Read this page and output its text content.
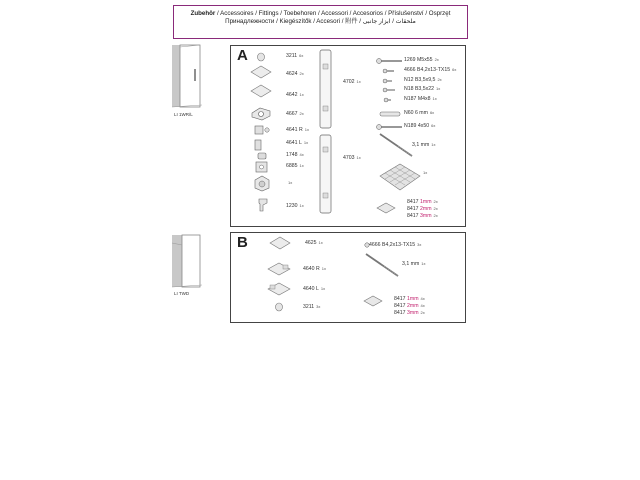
Zubehör / Accessoires / Fittings / Toebehoren / Accessori / Accesorios / Příslušenství / Osprzęt
Принадлежности / Kiegészítők / Accesori / 附件 / ملحقات / ابزار جانبی
LI 1WR/L
LI TWD
A	3211 6x
4624 2x
4642 1x
4667 2x
4641 R 1x
4641 L 1x
1748 4x
6885 1x
1x
1230 1x
4702 1x
4703 1x
1269 M5x55 2x
4666 B4,2x13-TX15 6x
N12 B3,5x9,5 2x
N18 B3,5x22 1x
N187 M4x8 1x
N60 6 mm 6x
N189 4x50 6x
3,1 mm 1x
1x
8417 1mm 2x
8417 2mm 2x
8417 3mm 2x
B	4625 1x
4640 R 1x
4640 L 1x
3211 3x
4666 B4,2x13-TX15 3x
3,1 mm 1x
8417 1mm 4x
8417 2mm 4x
8417 3mm 2x
